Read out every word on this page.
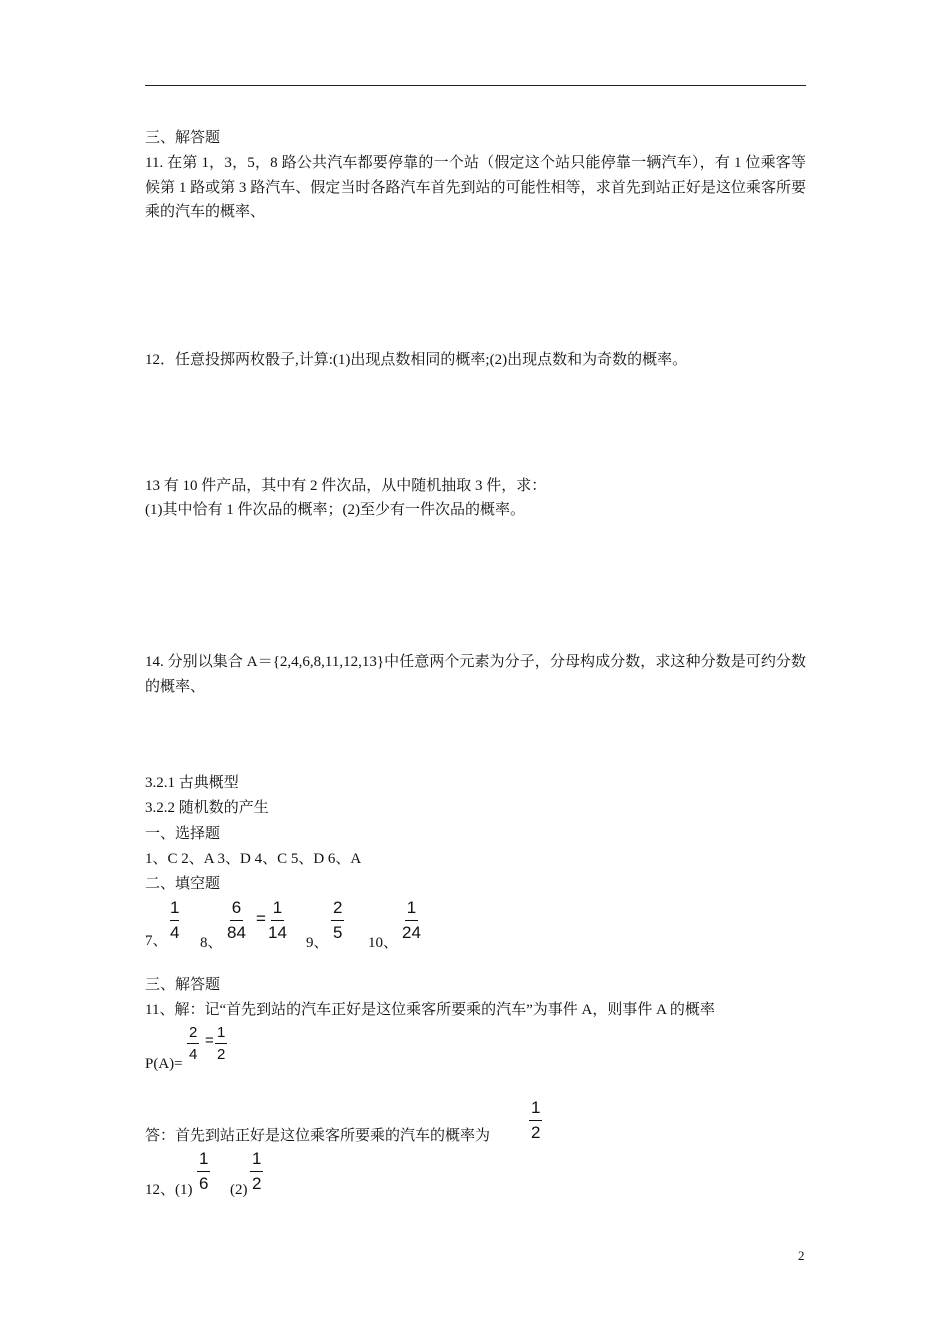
三、解答题
11. 在第 1，3，5，8 路公共汽车都要停靠的一个站（假定这个站只能停靠一辆汽车），有 1 位乘客等候第 1 路或第 3 路汽车、假定当时各路汽车首先到站的可能性相等，求首先到站正好是这位乘客所要乘的汽车的概率、
12．任意投掷两枚骰子,计算:(1)出现点数相同的概率;(2)出现点数和为奇数的概率。
13 有 10 件产品，其中有 2 件次品，从中随机抽取 3 件，求：
(1)其中恰有 1 件次品的概率；(2)至少有一件次品的概率。
14. 分别以集合 A＝{2,4,6,8,11,12,13}中任意两个元素为分子，分母构成分数，求这种分数是可约分数的概率、
3.2.1 古典概型
3.2.2 随机数的产生
一、选择题
1、C 2、A 3、D 4、C 5、D 6、A
二、填空题
7、 $\frac{1}{4} 8$、 $\frac{6}{84} = \frac{1}{14} 9$、 $\frac{2}{5} 10$、 $\frac{1}{24}$
三、解答题
11、解：记“首先到站的汽车正好是这位乘客所要乘的汽车”为事件 A，则事件 A 的概率
$\frac{2}{4} = \frac{1}{2}$
P(A)=
答：首先到站正好是这位乘客所要乘的汽车的概率为 $\frac{1}{2}$
12、$(1) \frac{1}{6} (2) \frac{1}{2}$
2
